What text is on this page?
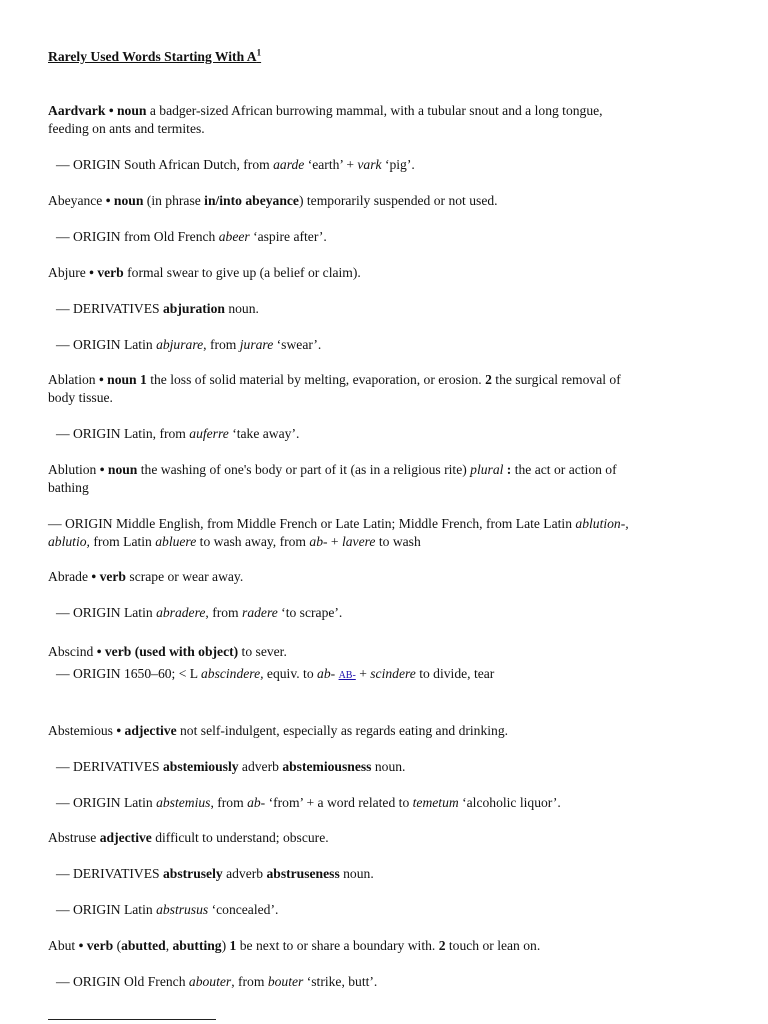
Rarely Used Words Starting With $A^1$
Aardvark • noun a badger-sized African burrowing mammal, with a tubular snout and a long tongue,
feeding on ants and termites.
— ORIGIN South African Dutch, from aarde ‘earth’ + vark ‘pig’.
Abeyance • noun (in phrase in/into abeyance) temporarily suspended or not used.
— ORIGIN from Old French abeer ‘aspire after’.
Abjure • verb formal swear to give up (a belief or claim).
— DERIVATIVES abjuration noun.
— ORIGIN Latin abjurare, from jurare ‘swear’.
Ablation • noun 1 the loss of solid material by melting, evaporation, or erosion. 2 the surgical removal of
body tissue.
— ORIGIN Latin, from auferre ‘take away’.
Ablution • noun the washing of one's body or part of it (as in a religious rite) plural : the act or action of
bathing
— ORIGIN Middle English, from Middle French or Late Latin; Middle French, from Late Latin ablution-,
ablutio, from Latin abluere to wash away, from ab- + lavere to wash
Abrade • verb scrape or wear away.
— ORIGIN Latin abradere, from radere ‘to scrape’.
Abscind • verb (used with object) to sever.
— ORIGIN 1650–60; < L abscindere, equiv. to ab- AB- + scindere to divide, tear
Abstemious • adjective not self-indulgent, especially as regards eating and drinking.
— DERIVATIVES abstemiously adverb abstemiousness noun.
— ORIGIN Latin abstemius, from ab- ‘from’ + a word related to temetum ‘alcoholic liquor’.
Abstruse adjective difficult to understand; obscure.
— DERIVATIVES abstrusely adverb abstruseness noun.
— ORIGIN Latin abstrusus ‘concealed’.
Abut • verb (abutted, abutting) 1 be next to or share a boundary with. 2 touch or lean on.
— ORIGIN Old French abouter, from bouter ‘strike, butt’.
